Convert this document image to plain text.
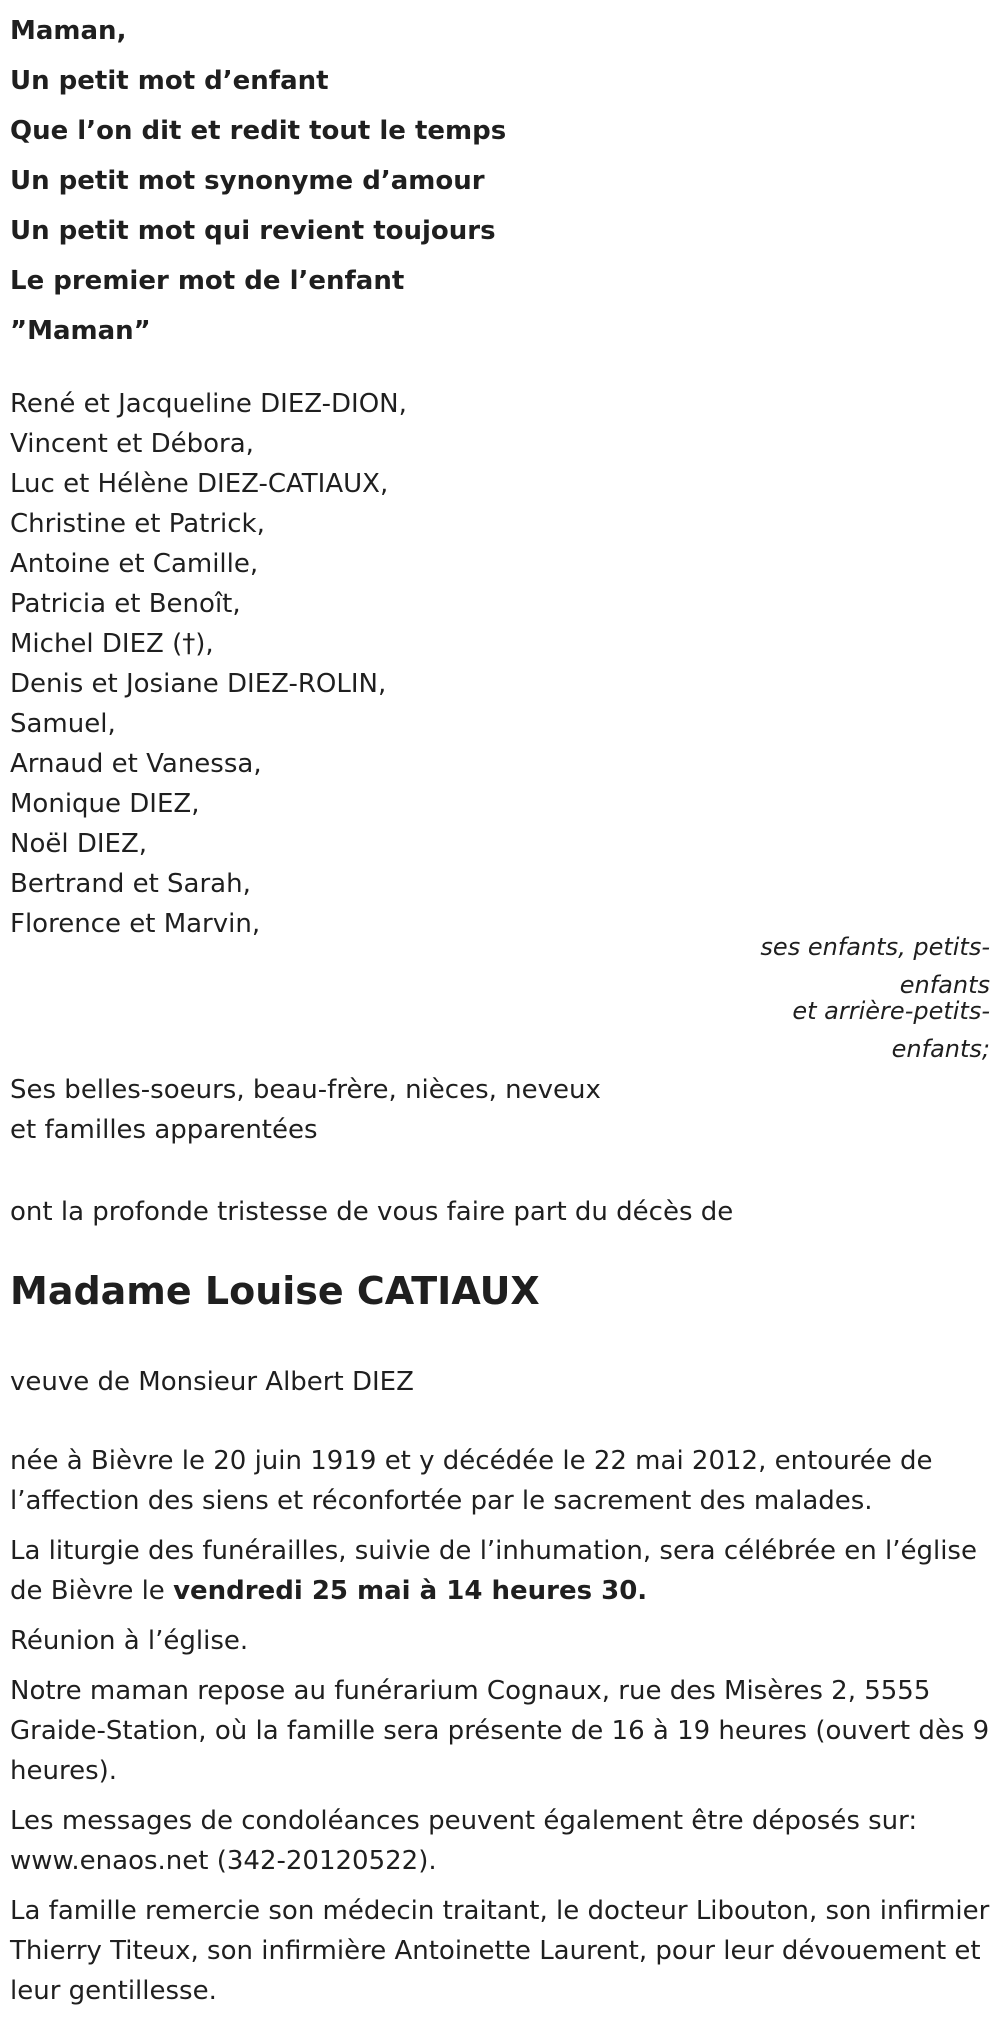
Maman,

Un petit mot d’enfant

Que l’on dit et redit tout le temps

Un petit mot synonyme d’amour

Un petit mot qui revient toujours

Le premier mot de l’enfant

”Maman”

René et Jacqueline DIEZ-DION,

Vincent et Débora,

Luc et Hélène DIEZ-CATIAUX,

Christine et Patrick,

Antoine et Camille,

Patricia et Benoît,

Michel DIEZ (†),

Denis et Josiane DIEZ-ROLIN,

Samuel,

Arnaud et Vanessa,

Monique DIEZ,

Noël DIEZ,

Bertrand et Sarah,

Florence et Marvin,

ses enfants, petits-enfants
et arrière-petits-enfants;

Ses belles-soeurs, beau-frère, nièces, neveux

et familles apparentées

ont la profonde tristesse de vous faire part du décès de

Madame Louise CATIAUX

veuve de Monsieur Albert DIEZ

née à Bièvre le 20 juin 1919 et y décédée le 22 mai 2012, entourée de l’affection des siens et réconfortée par le sacrement des malades.

La liturgie des funérailles, suivie de l’inhumation, sera célébrée en l’église de Bièvre le vendredi 25 mai à 14 heures 30.

Réunion à l’église.

Notre maman repose au funérarium Cognaux, rue des Misères 2, 5555 Graide-Station, où la famille sera présente de 16 à 19 heures (ouvert dès 9 heures).

Les messages de condoléances peuvent également être déposés sur: www.enaos.net (342-20120522).

La famille remercie son médecin traitant, le docteur Libouton, son infirmier Thierry Titeux, son infirmière Antoinette Laurent, pour leur dévouement et leur gentillesse.
